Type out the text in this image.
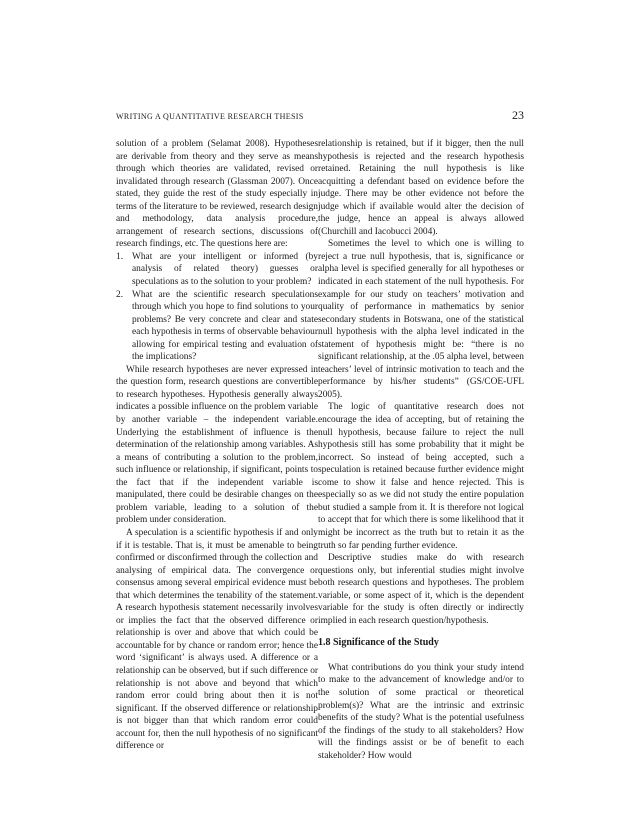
WRITING A QUANTITATIVE RESEARCH THESIS	23

solution of a problem (Selamat 2008). Hypotheses are derivable from theory and they serve as means through which theories are validated, revised or invalidated through research (Glassman 2007). Once stated, they guide the rest of the study especially in terms of the literature to be reviewed, research design and methodology, data analysis procedure, arrangement of research sections, discussions of research findings, etc. The questions here are:

1. What are your intelligent or informed (by analysis of related theory) guesses or speculations as to the solution to your problem?
2. What are the scientific research speculations through which you hope to find solutions to your problems? Be very concrete and clear and state each hypothesis in terms of observable behaviour allowing for empirical testing and evaluation of the implications?

While research hypotheses are never expressed in the question form, research questions are convertible to research hypotheses. Hypothesis generally always indicates a possible influence on the problem variable by another variable – the independent variable. Underlying the establishment of influence is the determination of the relationship among variables. As a means of contributing a solution to the problem, such influence or relationship, if significant, points to the fact that if the independent variable is manipulated, there could be desirable changes on the problem variable, leading to a solution of the problem under consideration.

A speculation is a scientific hypothesis if and only if it is testable. That is, it must be amenable to being confirmed or disconfirmed through the collection and analysing of empirical data. The convergence or consensus among several empirical evidence must be that which determines the tenability of the statement. A research hypothesis statement necessarily involves or implies the fact that the observed difference or relationship is over and above that which could be accountable for by chance or random error; hence the word ‘significant’ is always used. A difference or a relationship can be observed, but if such difference or relationship is not above and beyond that which random error could bring about then it is not significant. If the observed difference or relationship is not bigger than that which random error could account for, then the null hypothesis of no significant difference or

relationship is retained, but if it bigger, then the null hypothesis is rejected and the research hypothesis retained. Retaining the null hypothesis is like acquitting a defendant based on evidence before the judge. There may be other evidence not before the judge which if available would alter the decision of the judge, hence an appeal is always allowed (Churchill and Iacobucci 2004).

Sometimes the level to which one is willing to reject a true null hypothesis, that is, significance or alpha level is specified generally for all hypotheses or indicated in each statement of the null hypothesis. For example for our study on teachers’ motivation and quality of performance in mathematics by senior secondary students in Botswana, one of the statistical null hypothesis with the alpha level indicated in the statement of hypothesis might be: “there is no significant relationship, at the .05 alpha level, between teachers’ level of intrinsic motivation to teach and the performance by his/her students” (GS/COE-UFL 2005).

The logic of quantitative research does not encourage the idea of accepting, but of retaining the null hypothesis, because failure to reject the null hypothesis still has some probability that it might be incorrect. So instead of being accepted, such a speculation is retained because further evidence might come to show it false and hence rejected. This is especially so as we did not study the entire population but studied a sample from it. It is therefore not logical to accept that for which there is some likelihood that it might be incorrect as the truth but to retain it as the truth so far pending further evidence.

Descriptive studies make do with research questions only, but inferential studies might involve both research questions and hypotheses. The problem variable, or some aspect of it, which is the dependent variable for the study is often directly or indirectly implied in each research question/hypothesis.

1.8 Significance of the Study

What contributions do you think your study intend to make to the advancement of knowledge and/or to the solution of some practical or theoretical problem(s)? What are the intrinsic and extrinsic benefits of the study? What is the potential usefulness of the findings of the study to all stakeholders? How will the findings assist or be of benefit to each stakeholder? How would
